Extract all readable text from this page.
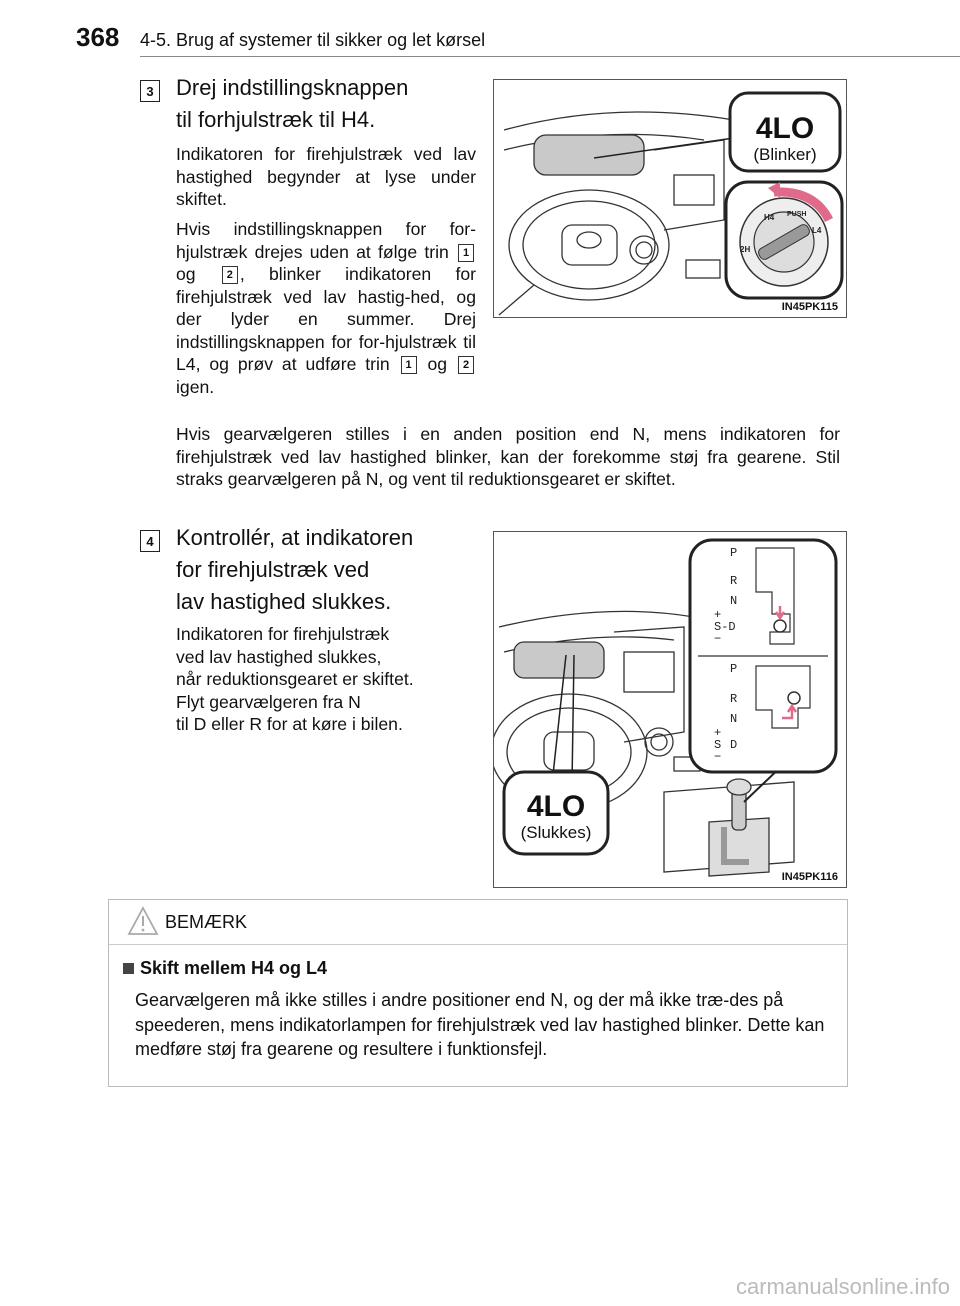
368 4-5. Brug af systemer til sikker og let kørsel
3 Drej indstillingsknappen
til forhjulstræk til H4.
Indikatoren for firehjulstræk ved lav hastighed begynder at lyse under skiftet.
Hvis indstillingsknappen for for-hjulstræk drejes uden at følge trin 1 og	2 , blinker indikatoren for firehjulstræk ved lav hastig-hed, og der lyder en summer. Drej indstillingsknappen for for-hjulstræk til L4, og prøv at udføre trin 1 og 2 igen.
Hvis gearvælgeren stilles i en anden position end N, mens indikatoren for firehjulstræk ved lav hastighed blinker, kan der forekomme støj fra gearene. Stil straks gearvælgeren på N, og vent til reduktionsgearet er skiftet.
4LO
(Blinker)
H4 PUSH
L4
2H
IN45PK115
4 Kontrollér, at indikatoren
for firehjulstræk ved
lav hastighed slukkes.
Indikatoren for firehjulstræk
ved lav hastighed slukkes,
når reduktionsgearet er skiftet.
Flyt gearvælgeren fra N
til D eller R for at køre i bilen.
4LO
(Slukkes)
P
R
N
+
S-D
−
P
R
N
+
S D
−
IN45PK116
BEMÆRK
Skift mellem H4 og L4
Gearvælgeren må ikke stilles i andre positioner end N, og der må ikke træ-des på speederen, mens indikatorlampen for firehjulstræk ved lav hastighed blinker. Dette kan medføre støj fra gearene og resultere i funktionsfejl.
carmanualsonline.info
